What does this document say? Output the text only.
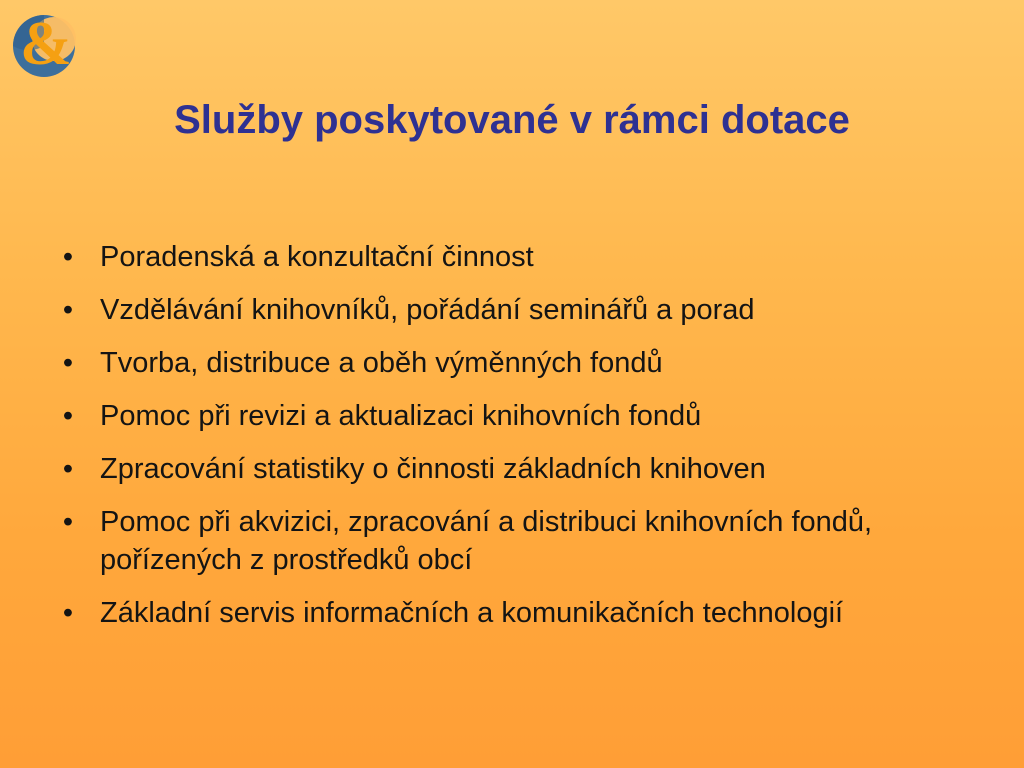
&
Služby poskytované v rámci dotace
• Poradenská a konzultační činnost
• Vzdělávání knihovníků, pořádání seminářů a porad
• Tvorba, distribuce a oběh výměnných fondů
• Pomoc při revizi a aktualizaci knihovních fondů
• Zpracování statistiky o činnosti základních knihoven
• Pomoc při akvizici, zpracování a distribuci knihovních fondů, pořízených z prostředků obcí
• Základní servis informačních a komunikačních technologií
